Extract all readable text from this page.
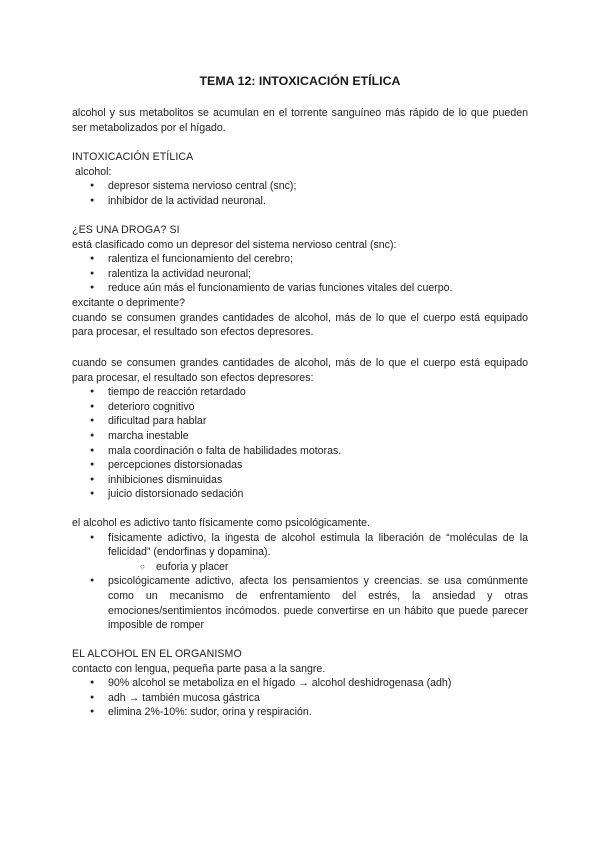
TEMA 12: INTOXICACIÓN ETÍLICA

alcohol y sus metabolitos se acumulan en el torrente sanguíneo más rápido de lo que pueden ser metabolizados por el hígado.

INTOXICACIÓN ETÍLICA

alcohol:

● depresor sistema nervioso central (snc);
● inhibidor de la actividad neuronal.

¿ES UNA DROGA? SI

está clasificado como un depresor del sistema nervioso central (snc):

● ralentiza el funcionamiento del cerebro;
● ralentiza la actividad neuronal;
● reduce aún más el funcionamiento de varias funciones vitales del cuerpo.

excitante o deprimente?

cuando se consumen grandes cantidades de alcohol, más de lo que el cuerpo está equipado para procesar, el resultado son efectos depresores.

cuando se consumen grandes cantidades de alcohol, más de lo que el cuerpo está equipado para procesar, el resultado son efectos depresores:

● tiempo de reacción retardado
● deterioro cognitivo
● dificultad para hablar
● marcha inestable
● mala coordinación o falta de habilidades motoras.
● percepciones distorsionadas
● inhibiciones disminuidas
● juicio distorsionado sedación

el alcohol es adictivo tanto físicamente como psicológicamente.

● físicamente adictivo, la ingesta de alcohol estimula la liberación de “moléculas de la felicidad” (endorfinas y dopamina).
○ euforia y placer
● psicológicamente adictivo, afecta los pensamientos y creencias. se usa comúnmente como un mecanismo de enfrentamiento del estrés, la ansiedad y otras emociones/sentimientos incómodos. puede convertirse en un hábito que puede parecer imposible de romper

EL ALCOHOL EN EL ORGANISMO

contacto con lengua, pequeña parte pasa a la sangre.

● 90% alcohol se metaboliza en el hígado → alcohol deshidrogenasa (adh)
● adh → también mucosa gástrica
● elimina 2%-10%: sudor, orina y respiración.
